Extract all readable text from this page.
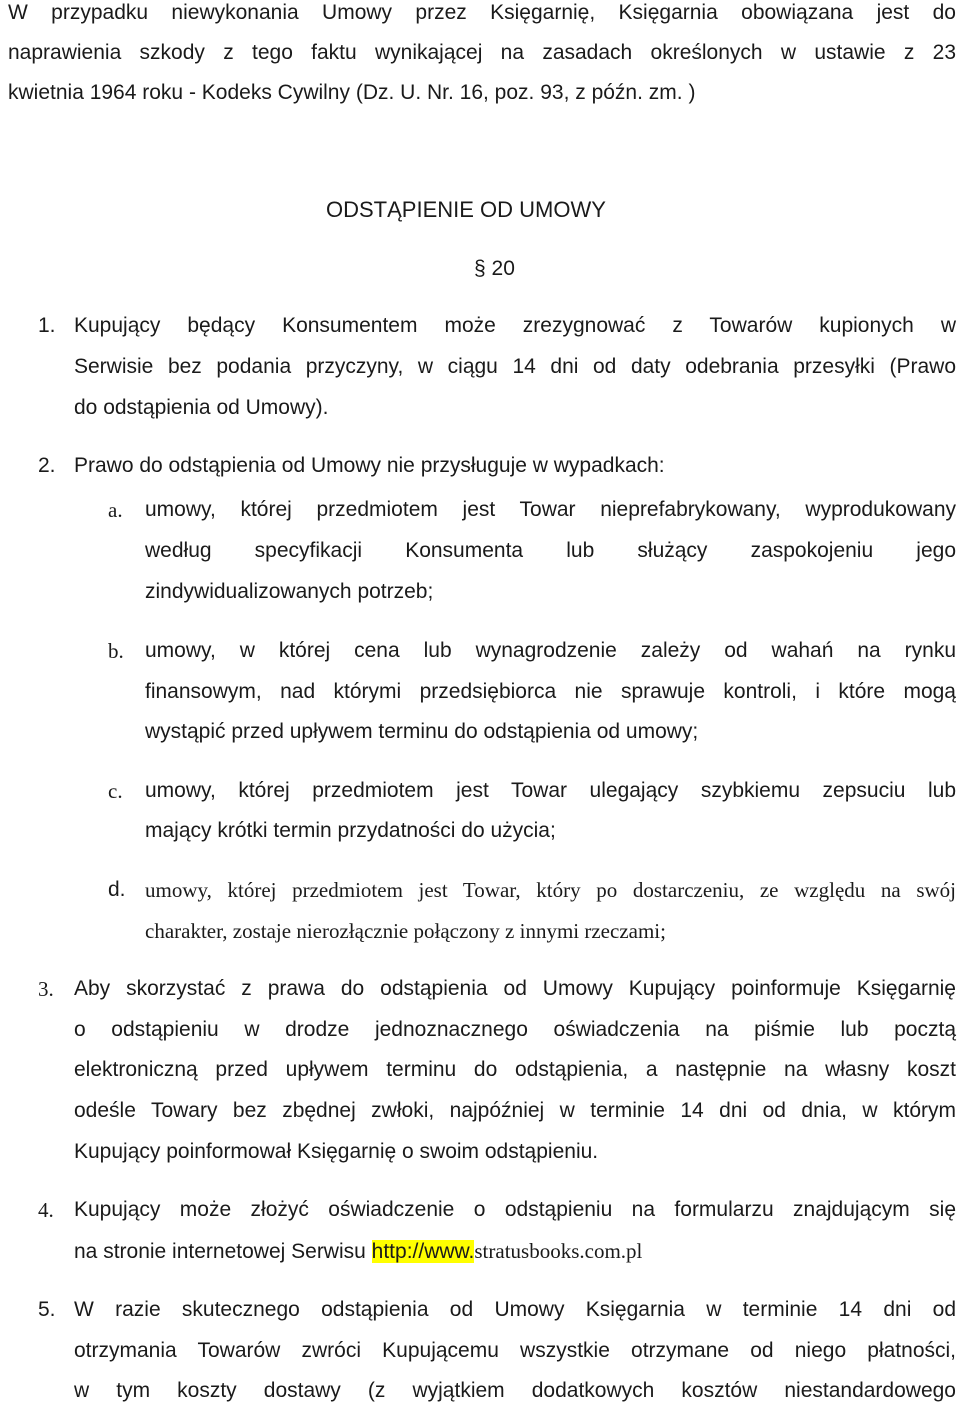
W przypadku niewykonania Umowy przez Księgarnię, Księgarnia obowiązana jest do
naprawienia szkody z tego faktu wynikającej na zasadach określonych w ustawie z 23
kwietnia 1964 roku - Kodeks Cywilny (Dz. U. Nr. 16, poz. 93, z późn. zm. )
ODSTĄPIENIE OD UMOWY
§ 20
1. Kupujący będący Konsumentem może zrezygnować z Towarów kupionych w
Serwisie bez podania przyczyny, w ciągu 14 dni od daty odebrania przesyłki (Prawo
do odstąpienia od Umowy).
2. Prawo do odstąpienia od Umowy nie przysługuje w wypadkach:
a. umowy, której przedmiotem jest Towar nieprefabrykowany, wyprodukowany
według specyfikacji Konsumenta lub służący zaspokojeniu jego
zindywidualizowanych potrzeb;
b. umowy, w której cena lub wynagrodzenie zależy od wahań na rynku
finansowym, nad którymi przedsiębiorca nie sprawuje kontroli, i które mogą
wystąpić przed upływem terminu do odstąpienia od umowy;
c. umowy, której przedmiotem jest Towar ulegający szybkiemu zepsuciu lub
mający krótki termin przydatności do użycia;
d. umowy, której przedmiotem jest Towar, który po dostarczeniu, ze względu na swój
charakter, zostaje nierozłącznie połączony z innymi rzeczami;
3. Aby skorzystać z prawa do odstąpienia od Umowy Kupujący poinformuje Księgarnię
o odstąpieniu w drodze jednoznacznego oświadczenia na piśmie lub pocztą
elektroniczną przed upływem terminu do odstąpienia, a następnie na własny koszt
odeśle Towary bez zbędnej zwłoki, najpóźniej w terminie 14 dni od dnia, w którym
Kupujący poinformował Księgarnię o swoim odstąpieniu.
4. Kupujący może złożyć oświadczenie o odstąpieniu na formularzu znajdującym się
na stronie internetowej Serwisu http://www.stratusbooks.com.pl
5. W razie skutecznego odstąpienia od Umowy Księgarnia w terminie 14 dni od
otrzymania Towarów zwróci Kupującemu wszystkie otrzymane od niego płatności,
w tym koszty dostawy (z wyjątkiem dodatkowych kosztów niestandardowego
